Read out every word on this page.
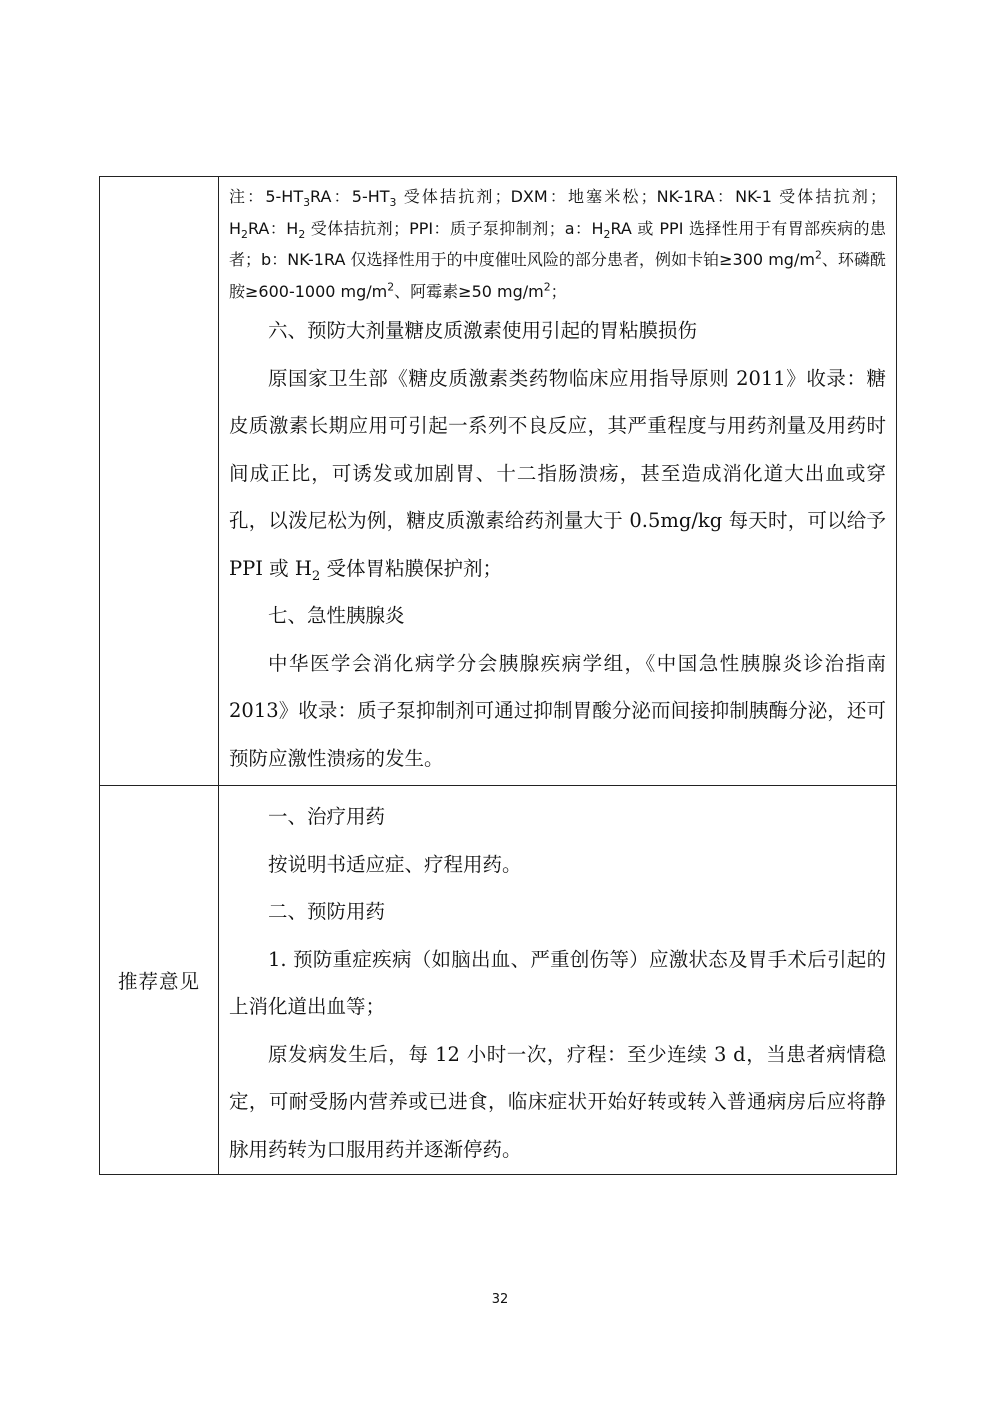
	注：$5-HT_3RA$：$5-HT_3$ 受体拮抗剂；DXM：地塞米松；NK-1RA：NK-1 受体拮抗剂；$H_2RA$：$H_2$ 受体拮抗剂；PPI：质子泵抑制剂；a：$H_2RA$ 或 PPI 选择性用于有胃部疾病的患者；b：NK-1RA 仅选择性用于的中度催吐风险的部分患者，例如卡铂≥300 $mg/m^2$、环磷酰胺≥600-1000 $mg/m^2$、阿霉素≥50 $mg/m^2$；

六、预防大剂量糖皮质激素使用引起的胃粘膜损伤

原国家卫生部《糖皮质激素类药物临床应用指导原则 2011》收录：糖皮质激素长期应用可引起一系列不良反应，其严重程度与用药剂量及用药时间成正比，可诱发或加剧胃、十二指肠溃疡，甚至造成消化道大出血或穿孔，以泼尼松为例，糖皮质激素给药剂量大于 0.5mg/kg 每天时，可以给予 PPI 或 $H_2$ 受体胃粘膜保护剂；

七、急性胰腺炎

中华医学会消化病学分会胰腺疾病学组，《中国急性胰腺炎诊治指南 2013》收录：质子泵抑制剂可通过抑制胃酸分泌而间接抑制胰酶分泌，还可预防应激性溃疡的发生。

推荐意见	一、治疗用药

按说明书适应症、疗程用药。

二、预防用药

1. 预防重症疾病（如脑出血、严重创伤等）应激状态及胃手术后引起的上消化道出血等；

原发病发生后，每 12 小时一次，疗程：至少连续 3 d，当患者病情稳定，可耐受肠内营养或已进食，临床症状开始好转或转入普通病房后应将静脉用药转为口服用药并逐渐停药。

32
